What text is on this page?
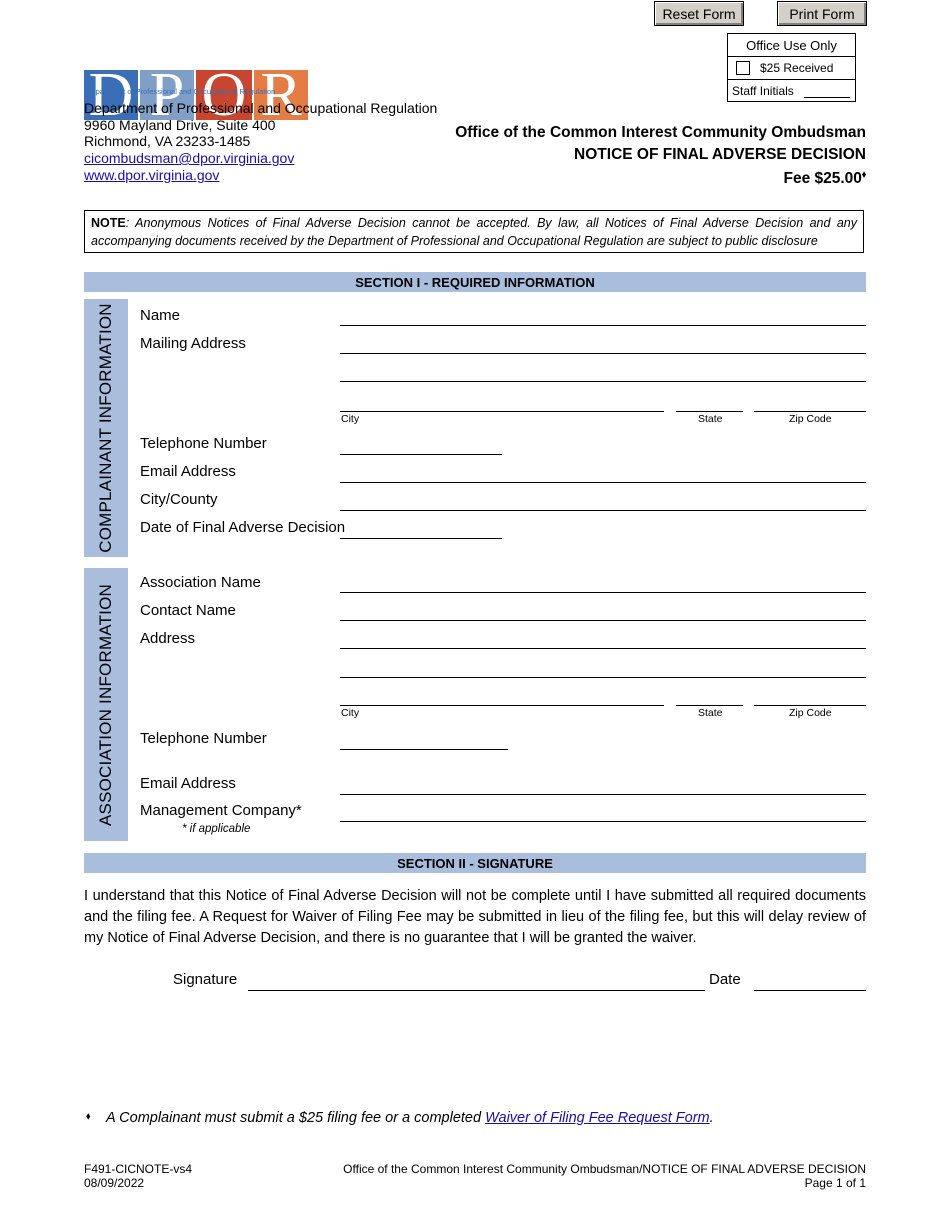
Reset Form	Print Form
D P O R
Department of Professional and Occupational Regulation
Office Use Only
$25 Received
Staff Initials
Department of Professional and Occupational Regulation
9960 Mayland Drive, Suite 400
Richmond, VA 23233-1485
cicombudsman@dpor.virginia.gov
www.dpor.virginia.gov
Office of the Common Interest Community Ombudsman
NOTICE OF FINAL ADVERSE DECISION
Fee $25.00⬧
NOTE: Anonymous Notices of Final Adverse Decision cannot be accepted. By law, all Notices of Final Adverse Decision and any accompanying documents received by the Department of Professional and Occupational Regulation are subject to public disclosure
SECTION I - REQUIRED INFORMATION
COMPLAINANT INFORMATION Name
Mailing Address
City	State	Zip Code
Telephone Number
Email Address
City/County
Date of Final Adverse Decision
ASSOCIATION INFORMATION
Association Name
Contact Name
Address
City	State	Zip Code
Telephone Number
Email Address
Management Company*
* if applicable
SECTION II - SIGNATURE
I understand that this Notice of Final Adverse Decision will not be complete until I have submitted all required documents and the filing fee. A Request for Waiver of Filing Fee may be submitted in lieu of the filing fee, but this will delay review of my Notice of Final Adverse Decision, and there is no guarantee that I will be granted the waiver.
Signature	Date
⬧ A Complainant must submit a $25 filing fee or a completed Waiver of Filing Fee Request Form.
F491-CICNOTE-vs4
08/09/2022
Office of the Common Interest Community Ombudsman/NOTICE OF FINAL ADVERSE DECISION
Page 1 of 1
